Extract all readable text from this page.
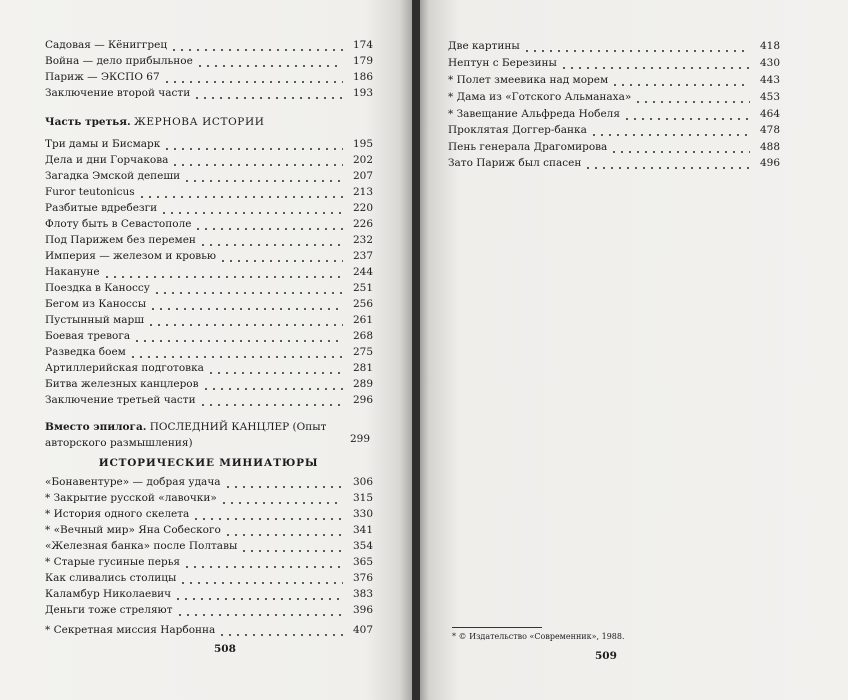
Садовая — Кёниггрец	174
Война — дело прибыльное	179
Париж — ЭКСПО 67	186
Заключение второй части	193
Часть третья. ЖЕРНОВА ИСТОРИИ
Три дамы и Бисмарк	195
Дела и дни Горчакова	202
Загадка Эмской депеши	207
Furor teutonicus	213
Разбитые вдребезги	220
Флоту быть в Севастополе	226
Под Парижем без перемен	232
Империя — железом и кровью	237
Накануне	244
Поездка в Каноссу	251
Бегом из Каноссы	256
Пустынный марш	261
Боевая тревога	268
Разведка боем	275
Артиллерийская подготовка	281
Битва железных канцлеров	289
Заключение третьей части	296
Вместо эпилога. ПОСЛЕДНИЙ КАНЦЛЕР (Опыт авторского размышления)	299
ИСТОРИЧЕСКИЕ МИНИАТЮРЫ
«Бонавентуре» — добрая удача	306
* Закрытие русской «лавочки»	315
* История одного скелета	330
* «Вечный мир» Яна Собеского	341
«Железная банка» после Полтавы	354
* Старые гусиные перья	365
Как сливались столицы	376
Каламбур Николаевич	383
Деньги тоже стреляют	396
* Секретная миссия Нарбонна	407
508
Две картины	418
Нептун с Березины	430
* Полет змеевика над морем	443
* Дама из «Готского Альманаха»	453
* Завещание Альфреда Нобеля	464
Проклятая Доггер-банка	478
Пень генерала Драгомирова	488
Зато Париж был спасен	496
* © Издательство «Современник», 1988.
509
